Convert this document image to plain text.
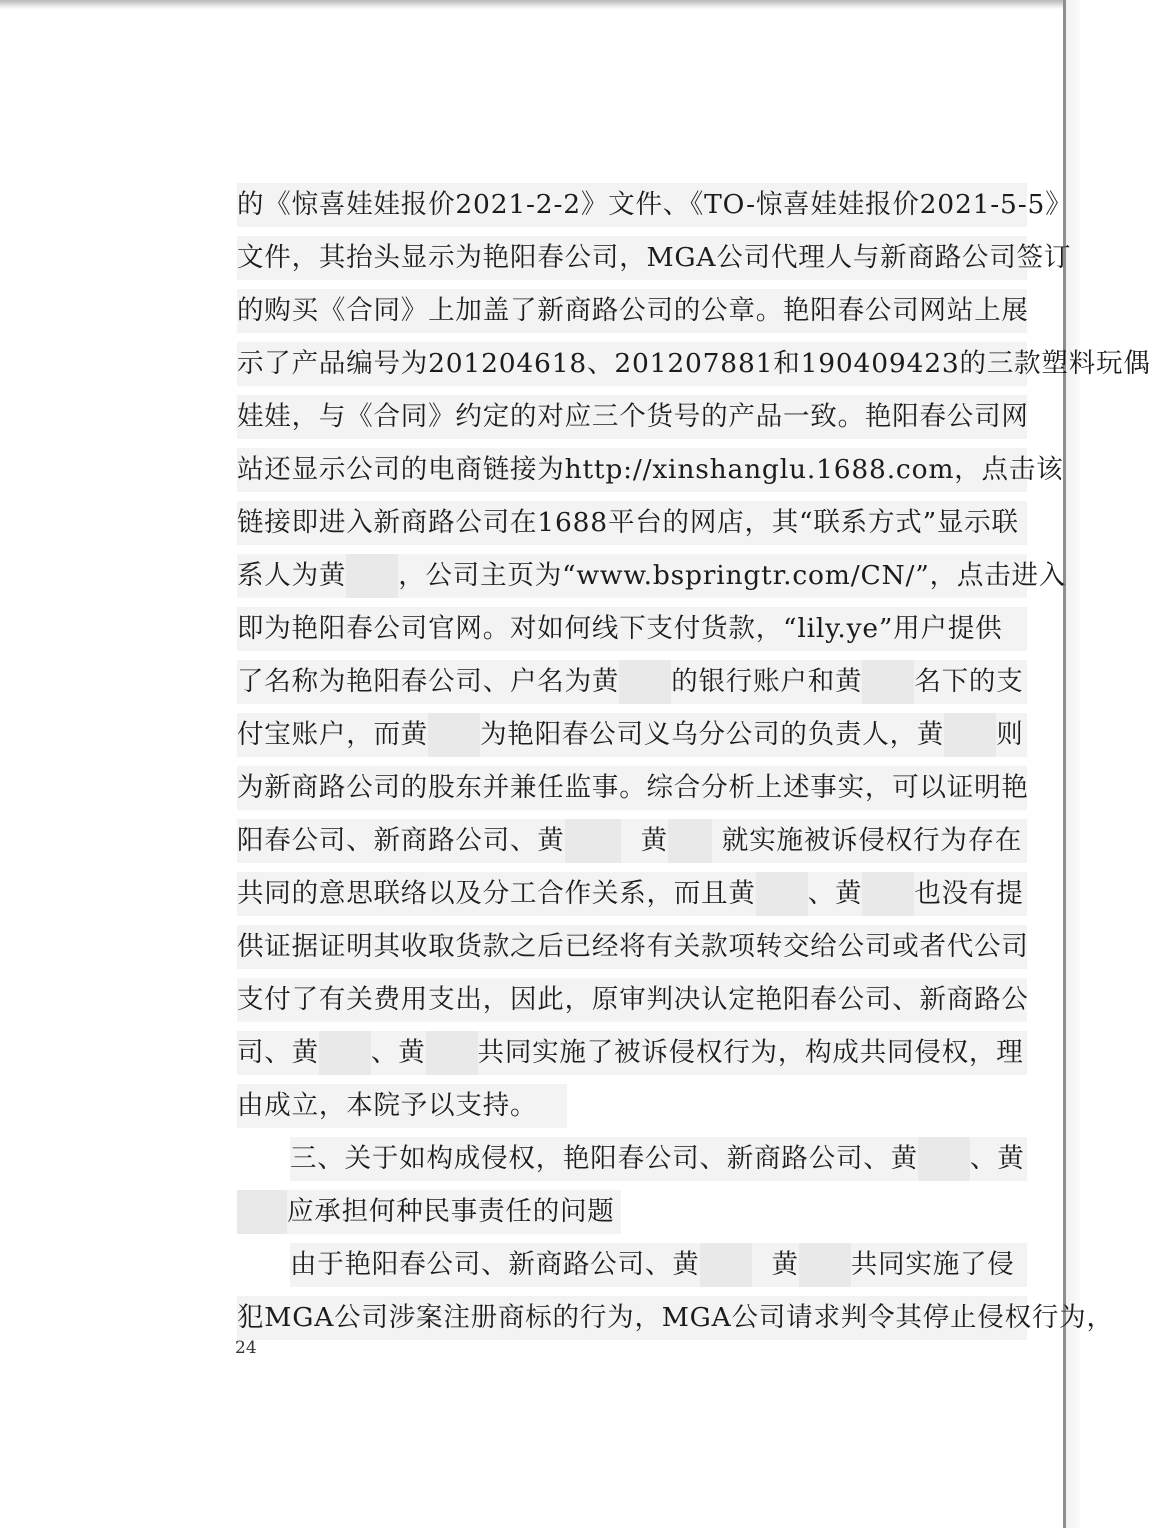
的《惊喜娃娃报价2021-2-2》文件、《TO-惊喜娃娃报价2021-5-5》
文件，其抬头显示为艳阳春公司，MGA公司代理人与新商路公司签订
的购买《合同》上加盖了新商路公司的公章。艳阳春公司网站上展
示了产品编号为201204618、201207881和190409423的三款塑料玩偶
娃娃，与《合同》约定的对应三个货号的产品一致。艳阳春公司网
站还显示公司的电商链接为http://xinshanglu.1688.com，点击该
链接即进入新商路公司在1688平台的网店，其“联系方式”显示联
系人为黄 ，公司主页为“www.bspringtr.com/CN/”，点击进入
即为艳阳春公司官网。对如何线下支付货款，“lily.ye”用户提供
了名称为艳阳春公司、户名为黄 的银行账户和黄 名下的支
付宝账户，而黄 为艳阳春公司义乌分公司的负责人，黄 则
为新商路公司的股东并兼任监事。综合分析上述事实，可以证明艳
阳春公司、新商路公司、黄	黄 就实施被诉侵权行为存在
共同的意思联络以及分工合作关系，而且黄 、黄 也没有提
供证据证明其收取货款之后已经将有关款项转交给公司或者代公司
支付了有关费用支出，因此，原审判决认定艳阳春公司、新商路公
司、黄 、黄 共同实施了被诉侵权行为，构成共同侵权，理
由成立，本院予以支持。
三、关于如构成侵权，艳阳春公司、新商路公司、黄 、黄
应承担何种民事责任的问题
由于艳阳春公司、新商路公司、黄	黄 共同实施了侵
犯MGA公司涉案注册商标的行为，MGA公司请求判令其停止侵权行为，
24
